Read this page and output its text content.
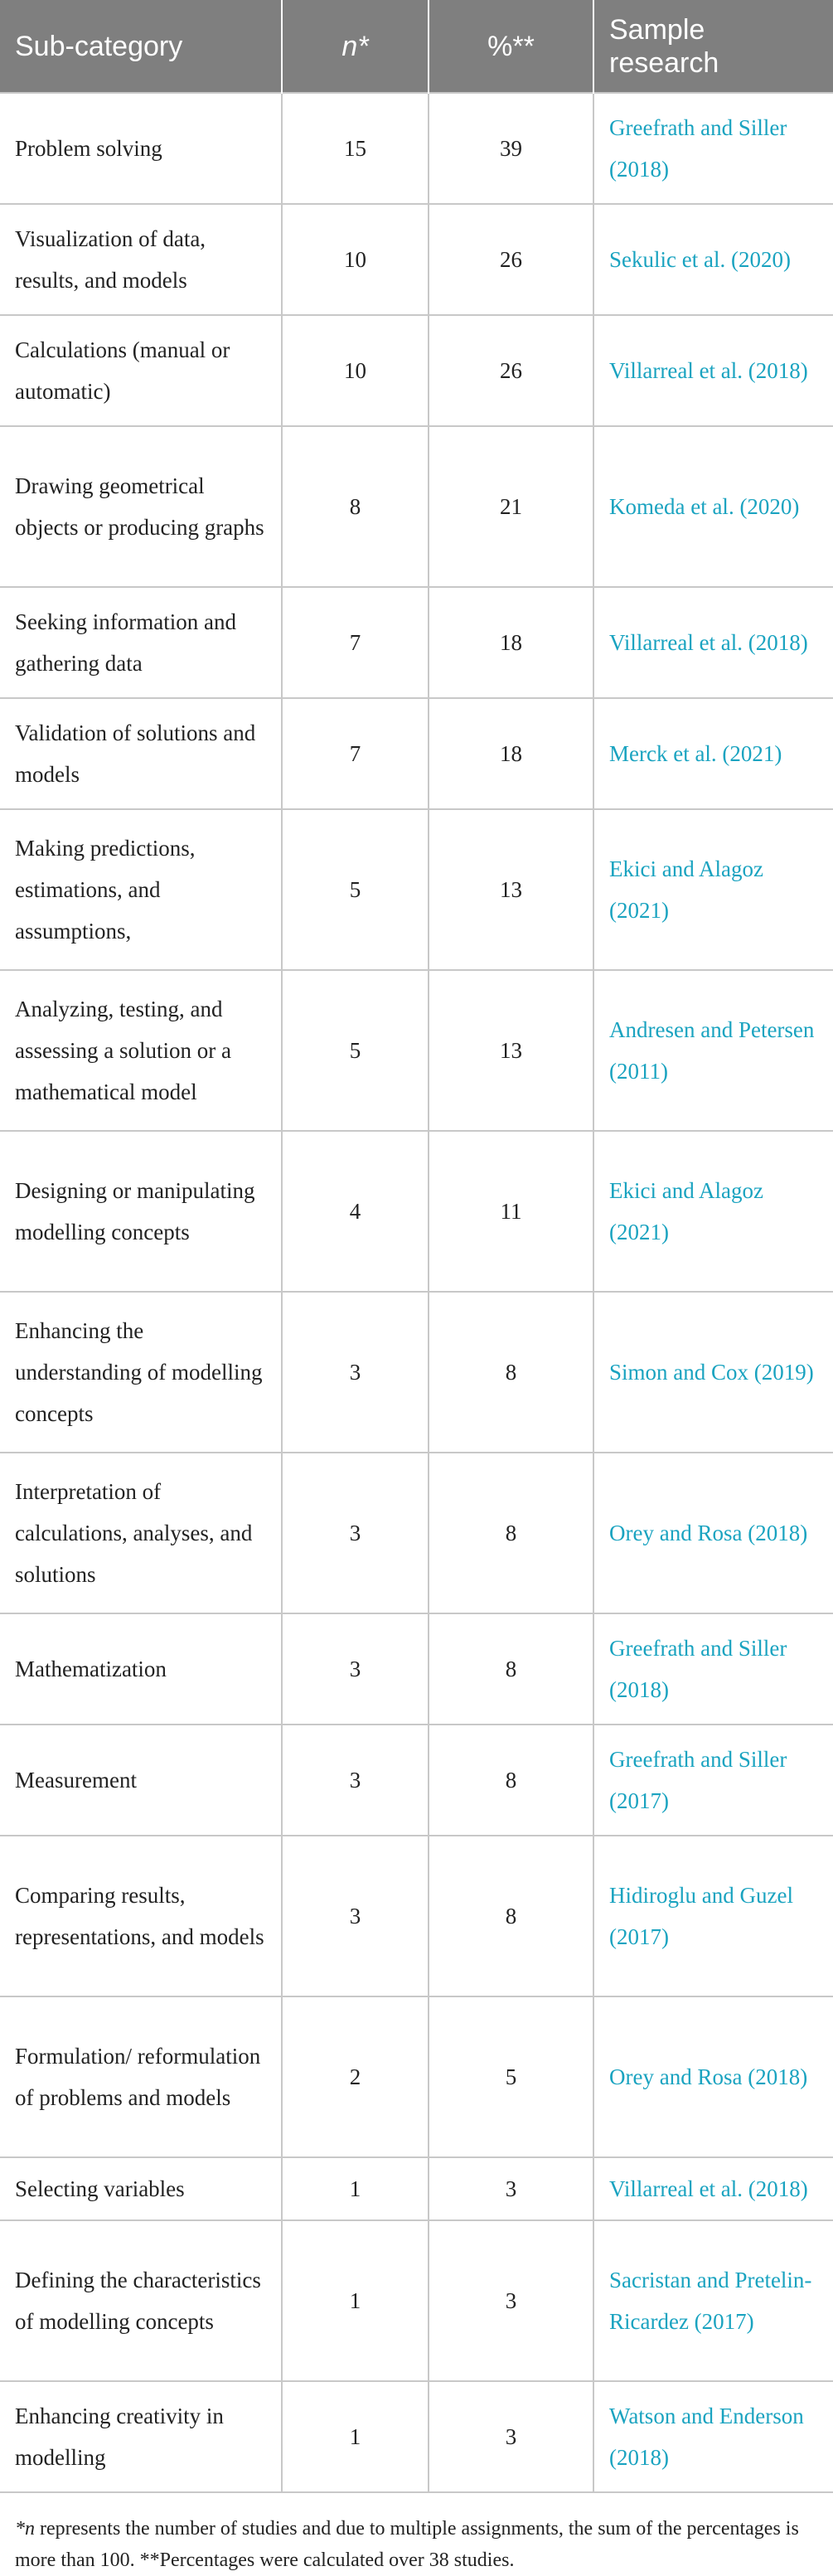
Sub-category	n*	%**	Sample research
Problem solving	15	39	Greefrath and Siller (2018)
Visualization of data, results, and models	10	26	Sekulic et al. (2020)
Calculations (manual or automatic)	10	26	Villarreal et al. (2018)
Drawing geometrical objects or producing graphs	8	21	Komeda et al. (2020)
Seeking information and gathering data	7	18	Villarreal et al. (2018)
Validation of solutions and models	7	18	Merck et al. (2021)
Making predictions, estimations, and assumptions,	5	13	Ekici and Alagoz (2021)
Analyzing, testing, and assessing a solution or a mathematical model	5	13	Andresen and Petersen (2011)
Designing or manipulating modelling concepts	4	11	Ekici and Alagoz (2021)
Enhancing the understanding of modelling concepts	3	8	Simon and Cox (2019)
Interpretation of calculations, analyses, and solutions	3	8	Orey and Rosa (2018)
Mathematization	3	8	Greefrath and Siller (2018)
Measurement	3	8	Greefrath and Siller (2017)
Comparing results, representations, and models	3	8	Hidiroglu and Guzel (2017)
Formulation/ reformulation of problems and models	2	5	Orey and Rosa (2018)
Selecting variables	1	3	Villarreal et al. (2018)
Defining the characteristics of modelling concepts	1	3	Sacristan and Pretelin-Ricardez (2017)
Enhancing creativity in modelling	1	3	Watson and Enderson (2018)
*n represents the number of studies and due to multiple assignments, the sum of the percentages is more than 100. **Percentages were calculated over 38 studies.
